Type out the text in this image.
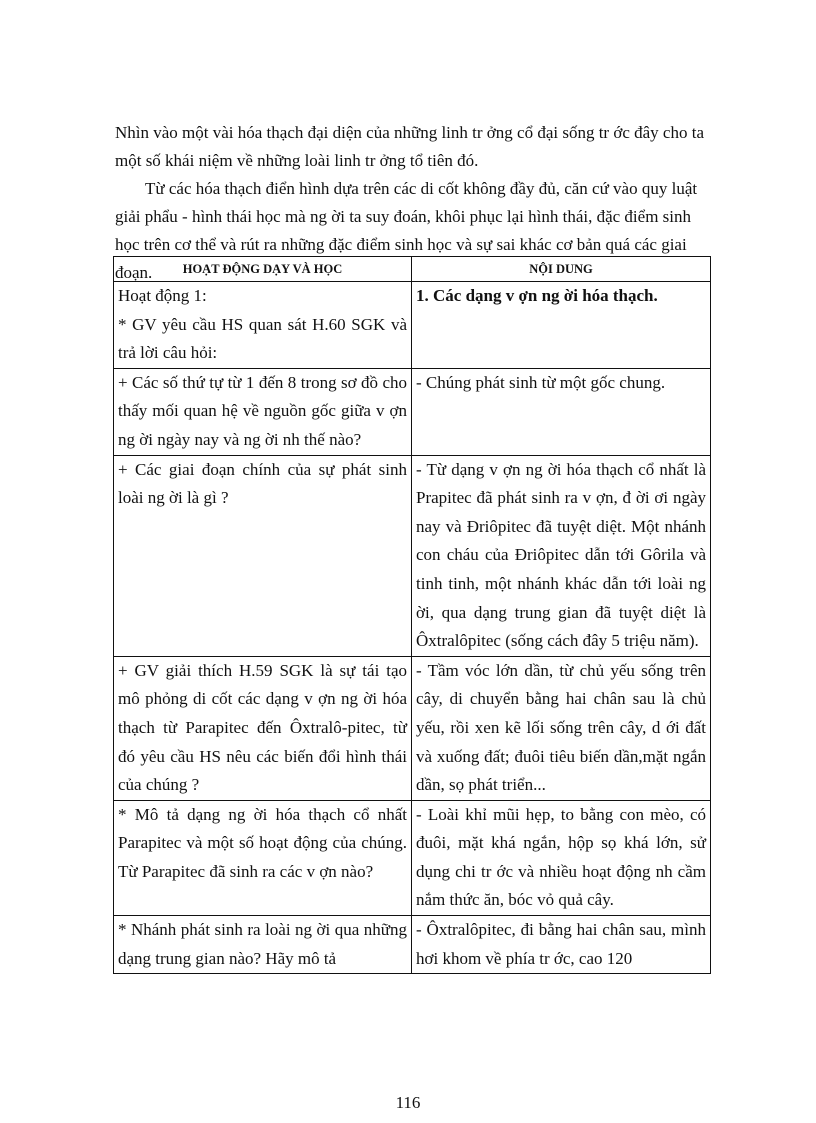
Nhìn vào một vài hóa thạch đại diện của những linh tr ởng cổ đại sống tr ớc đây cho ta một số khái niệm về những loài linh tr ởng tổ tiên đó.

Từ các hóa thạch điển hình dựa trên các di cốt không đầy đủ, căn cứ vào quy luật giải phẩu - hình thái học mà ng ời ta suy đoán, khôi phục lại hình thái, đặc điểm sinh học trên cơ thể và rút ra những đặc điểm sinh học và sự sai khác cơ bản quá các giai đoạn.	HOẠT ĐỘNG DẠY VÀ HỌC	NỘI DUNG

Hoạt động 1:
* GV yêu cầu HS quan sát H.60 SGK và trả lời câu hỏi:	1. Các dạng v ợn ng ời hóa thạch.

+ Các số thứ tự từ 1 đến 8 trong sơ đồ cho thấy mối quan hệ về nguồn gốc giữa v ợn ng ời ngày nay và ng ời nh thế nào?	- Chúng phát sinh từ một gốc chung.

+ Các giai đoạn chính của sự phát sinh loài ng ời là gì ?	- Từ dạng v ợn ng ời hóa thạch cổ nhất là Prapitec đã phát sinh ra v ợn, đ ời ơi ngày nay và Đriôpitec đã tuyệt diệt. Một nhánh con cháu của Đriôpitec dẫn tới Gôrila và tinh tinh, một nhánh khác dẫn tới loài ng ời, qua dạng trung gian đã tuyệt diệt là Ôxtralôpitec (sống cách đây 5 triệu năm).

+ GV giải thích H.59 SGK là sự tái tạo mô phỏng di cốt các dạng v ợn ng ời hóa thạch từ Parapitec đến Ôxtralô-pitec, từ đó yêu cầu HS nêu các biến đổi hình thái của chúng ?	- Tầm vóc lớn dần, từ chủ yếu sống trên cây, di chuyển bằng hai chân sau là chủ yếu, rồi xen kẽ lối sống trên cây, d ới đất và xuống đất; đuôi tiêu biến dần,mặt ngắn dần, sọ phát triển...

* Mô tả dạng ng ời hóa thạch cổ nhất Parapitec và một số hoạt động của chúng. Từ Parapitec đã sinh ra các v ợn nào?	- Loài khỉ mũi hẹp, to bằng con mèo, có đuôi, mặt khá ngắn, hộp sọ khá lớn, sử dụng chi tr ớc và nhiều hoạt động nh cầm nắm thức ăn, bóc vỏ quả cây.

* Nhánh phát sinh ra loài ng ời qua những dạng trung gian nào? Hãy mô tả	- Ôxtralôpitec, đi bằng hai chân sau, mình hơi khom về phía tr ớc, cao 120
116
